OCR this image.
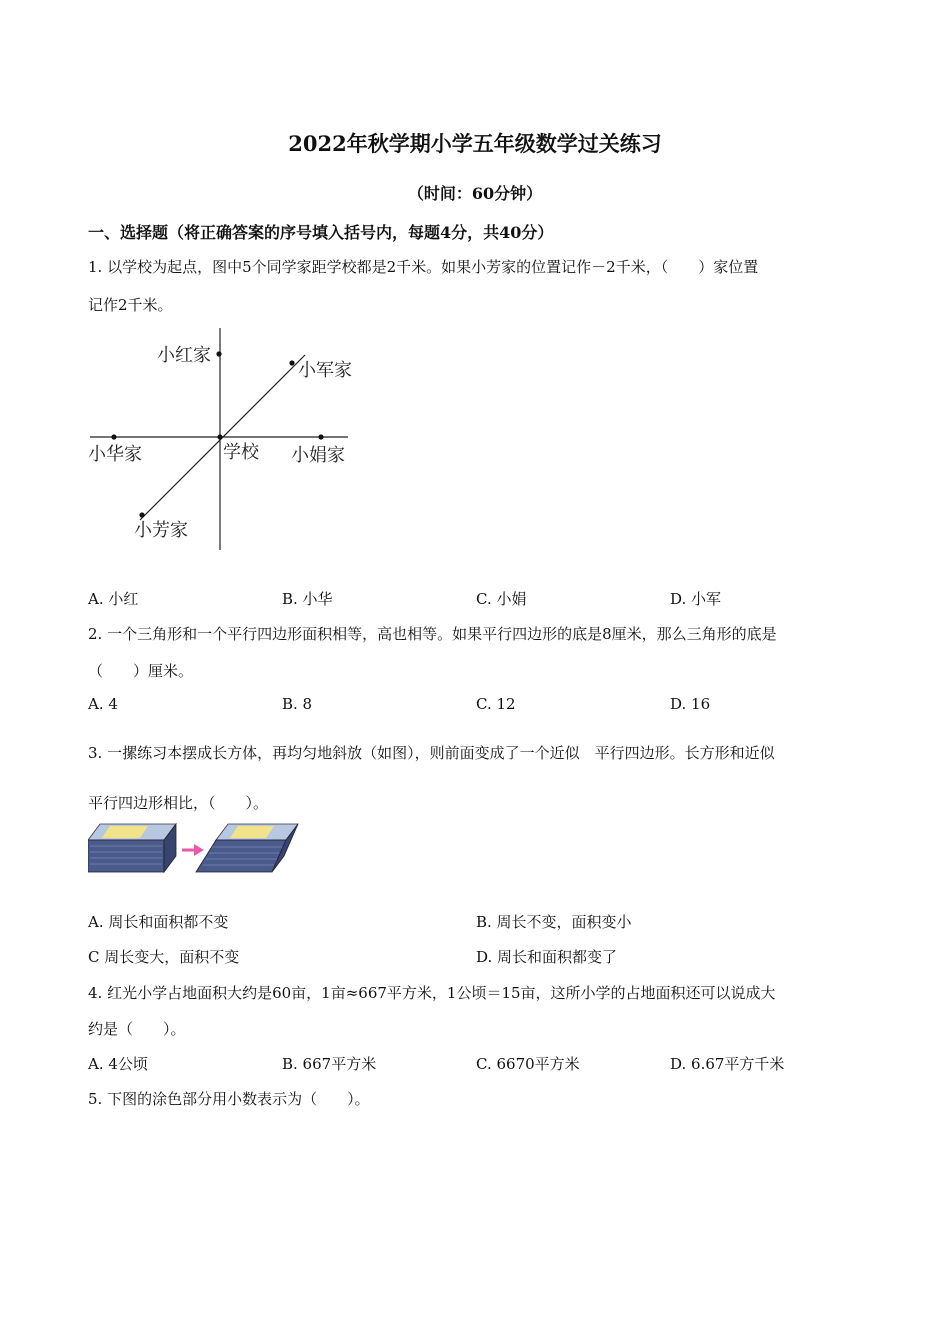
2022年秋学期小学五年级数学过关练习
（时间：60分钟）
一、选择题（将正确答案的序号填入括号内，每题4分，共40分）
1. 以学校为起点，图中5个同学家距学校都是2千米。如果小芳家的位置记作－2千米，（　　）家位置
记作2千米。
小红家
小军家
小华家	学校 小娟家
小芳家
A. 小红	B. 小华	C. 小娟	D. 小军
2. 一个三角形和一个平行四边形面积相等，高也相等。如果平行四边形的底是8厘米，那么三角形的底是
（　　）厘米。
A. 4	B. 8	C. 12	D. 16
3. 一摞练习本摆成长方体，再均匀地斜放（如图），则前面变成了一个近似　平行四边形。长方形和近似
平行四边形相比，（　　）。
A. 周长和面积都不变	B. 周长不变，面积变小
C 周长变大，面积不变	D. 周长和面积都变了
4. 红光小学占地面积大约是60亩，1亩≈667平方米，1公顷＝15亩，这所小学的占地面积还可以说成大
约是（　　）。
A. 4公顷	B. 667平方米	C. 6670平方米	D. 6.67平方千米
5. 下图的涂色部分用小数表示为（　　）。
